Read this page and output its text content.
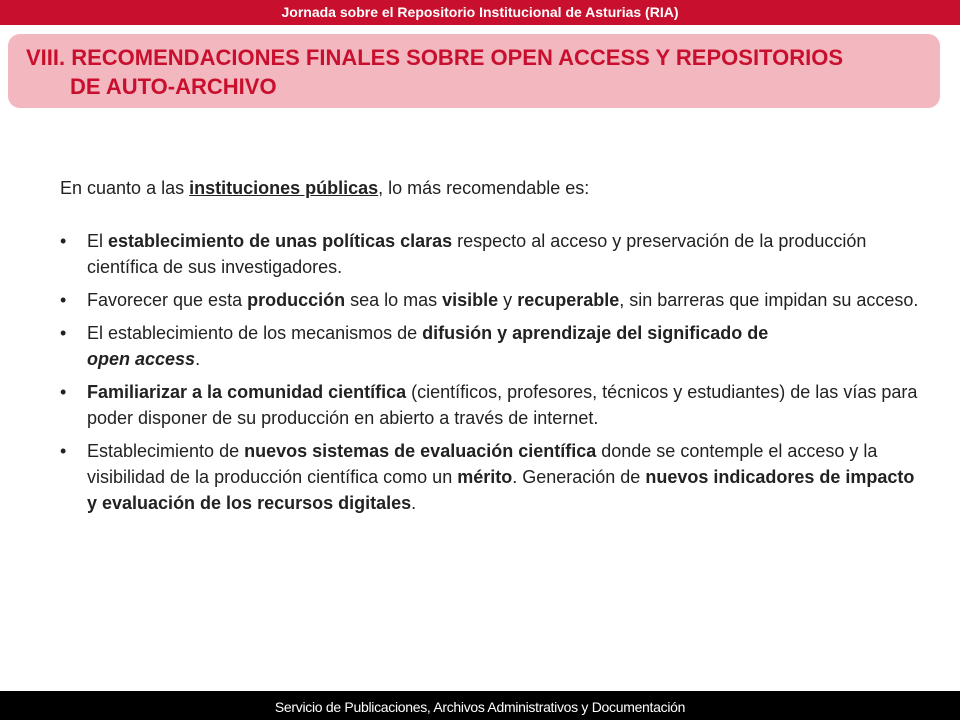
Jornada sobre el Repositorio Institucional de Asturias (RIA)
VIII. RECOMENDACIONES FINALES SOBRE OPEN ACCESS Y REPOSITORIOS
DE AUTO-ARCHIVO

En cuanto a las instituciones públicas, lo más recomendable es:

•	El establecimiento de unas políticas claras respecto al acceso y preservación de la producción científica de sus investigadores.
•	Favorecer que esta producción sea lo mas visible y recuperable, sin barreras que impidan su acceso.
•	El establecimiento de los mecanismos de difusión y aprendizaje del significado de
open access.
•	Familiarizar a la comunidad científica (científicos, profesores, técnicos y estudiantes) de las vías para poder disponer de su producción en abierto a través de internet.
•	Establecimiento de nuevos sistemas de evaluación científica donde se contemple el acceso y la visibilidad de la producción científica como un mérito. Generación de nuevos indicadores de impacto y evaluación de los recursos digitales.
Servicio de Publicaciones, Archivos Administrativos y Documentación
